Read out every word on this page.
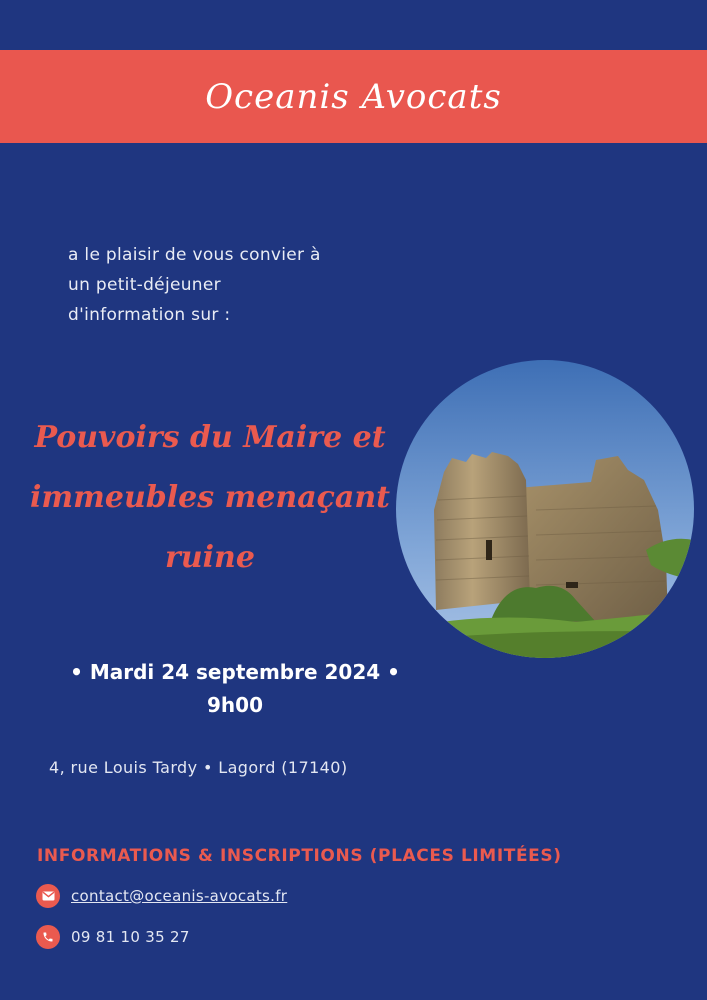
Oceanis Avocats
a le plaisir de vous convier à
un petit-déjeuner
d'information sur :
Pouvoirs du Maire et
immeubles menaçant
ruine
• Mardi 24 septembre 2024 •
9h00
4, rue Louis Tardy • Lagord (17140)
INFORMATIONS & INSCRIPTIONS (PLACES LIMITÉES)
contact@oceanis-avocats.fr
09 81 10 35 27
